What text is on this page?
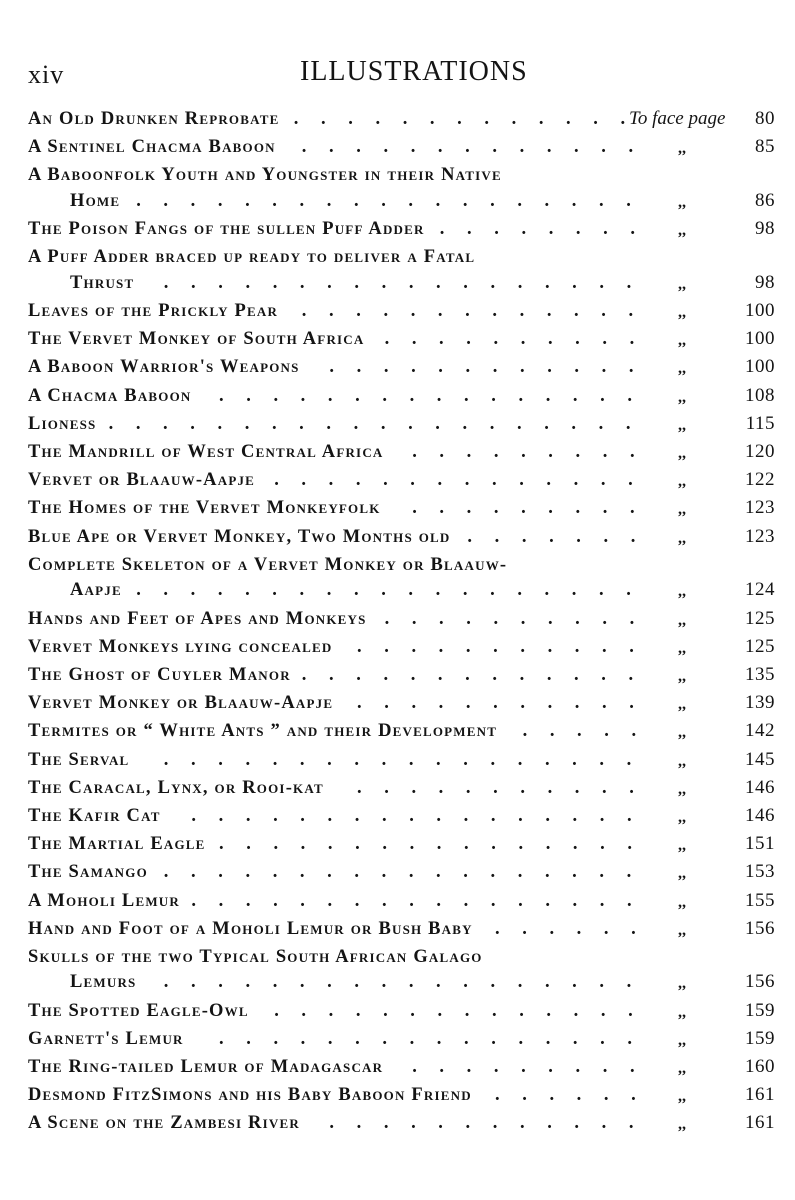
xiv	ILLUSTRATIONS
An Old Drunken Reprobate	To face page 80
.............
A Sentinel Chacma Baboon	,,	85
.............
A Baboonfolk Youth and Youngster in their Native
Home	,,	86
...................
The Poison Fangs of the sullen Puff Adder	,,	98
........
A Puff Adder braced up ready to deliver a Fatal
Thrust	,,	98
..................
Leaves of the Prickly Pear	,,	100
.............
The Vervet Monkey of South Africa	,,	100
..........
A Baboon Warrior's Weapons	,,	100
............
A Chacma Baboon	,,	108
................
Lioness	,,	115
....................
The Mandrill of West Central Africa	,,	120
.........
Vervet or Blaauw-Aapje	,,	122
..............
The Homes of the Vervet Monkeyfolk	,,	123
.........
Blue Ape or Vervet Monkey, Two Months old	,,	123
.......
Complete Skeleton of a Vervet Monkey or Blaauw-
Aapje	,,	124
...................
Hands and Feet of Apes and Monkeys	,,	125
..........
Vervet Monkeys lying concealed	,,	125
...........
The Ghost of Cuyler Manor	,,	135
.............
Vervet Monkey or Blaauw-Aapje	,,	139
...........
Termites or “ White Ants ” and their Development	,,	142
.....
The Serval	,,	145
..................
The Caracal, Lynx, or Rooi-kat	,,	146
...........
The Kafir Cat	,,	146
.................
The Martial Eagle	,,	151
................
The Samango	,,	153
..................
A Moholi Lemur	,,	155
.................
Hand and Foot of a Moholi Lemur or Bush Baby	,,	156
......
Skulls of the two Typical South African Galago
Lemurs	,,	156
..................
The Spotted Eagle-Owl	,,	159
..............
Garnett's Lemur	,,	159
................
The Ring-tailed Lemur of Madagascar	,,	160
.........
Desmond FitzSimons and his Baby Baboon Friend	,,	161
......
A Scene on the Zambesi River	,,	161
............
